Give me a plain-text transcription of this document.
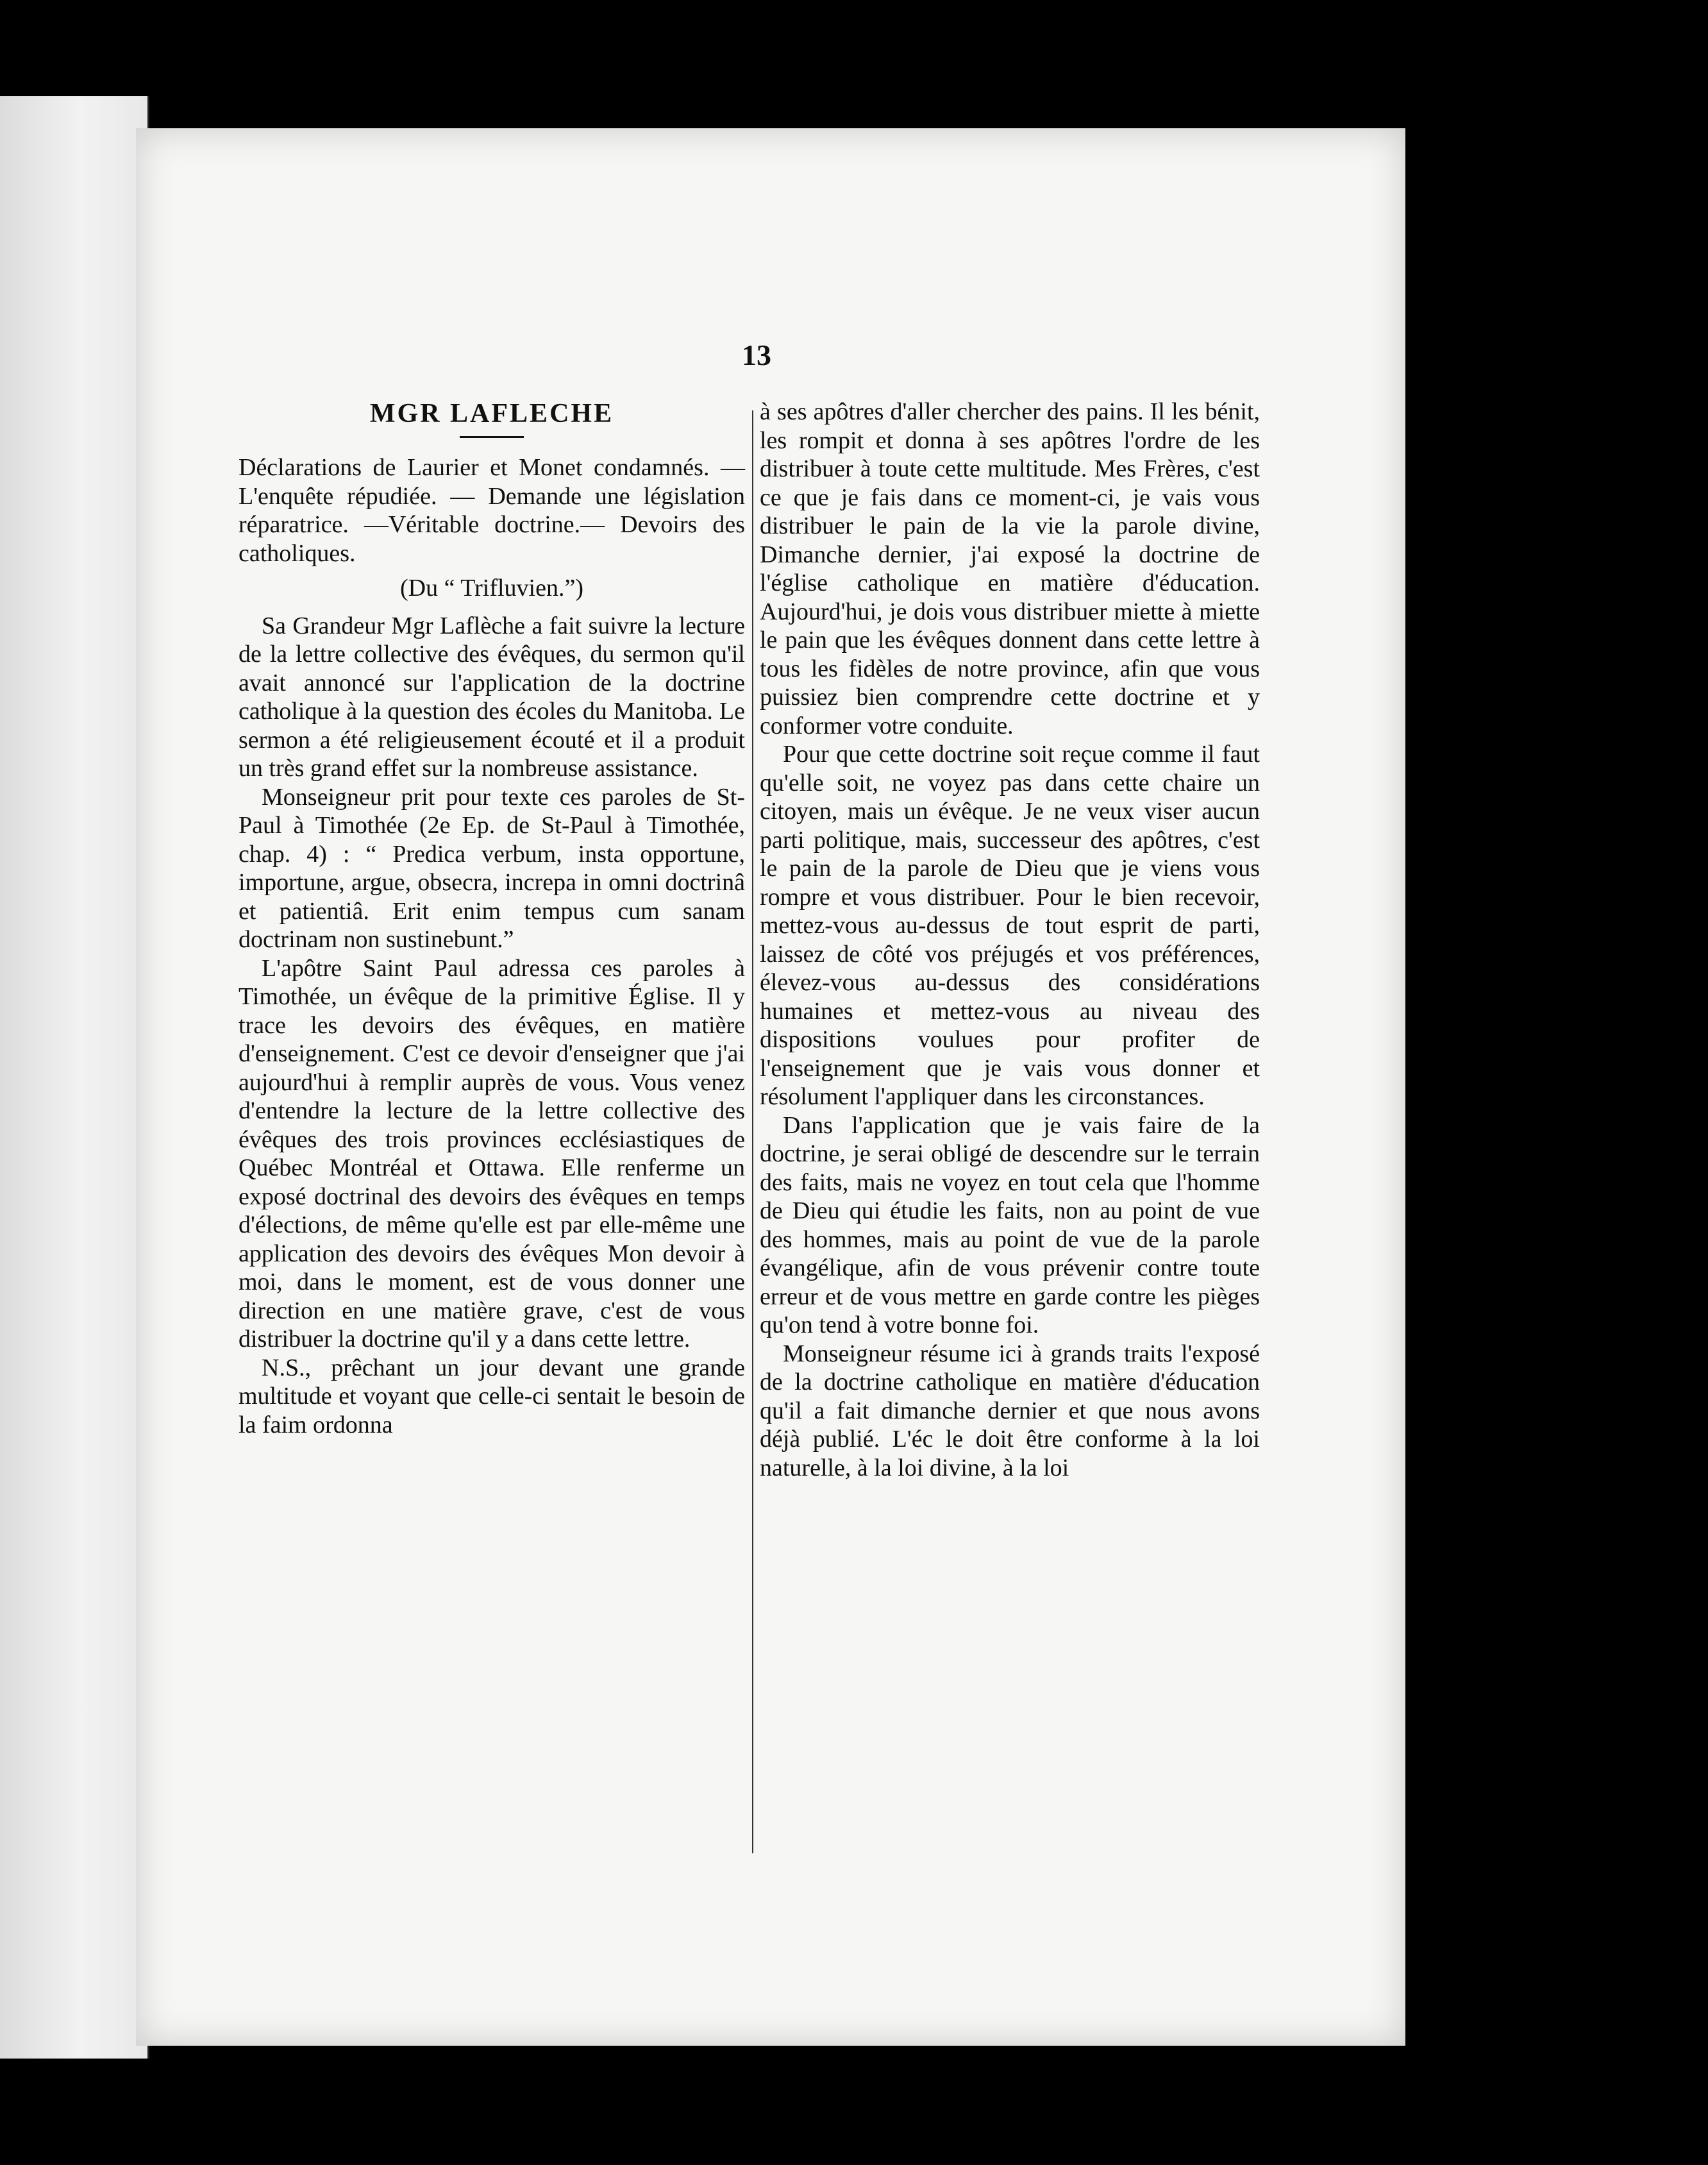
13
MGR LAFLECHE

Déclarations de Laurier et Monet condamnés. — L'enquête répudiée. — Demande une législation réparatrice. —Véritable doctrine.— Devoirs des catholiques.

(Du “ Trifluvien.”)

Sa Grandeur Mgr Laflèche a fait suivre la lecture de la lettre collective des évêques, du sermon qu'il avait annoncé sur l'application de la doctrine catholique à la question des écoles du Manitoba. Le sermon a été religieusement écouté et il a produit un très grand effet sur la nombreuse assistance.

Monseigneur prit pour texte ces paroles de St-Paul à Timothée (2e Ep. de St-Paul à Timothée, chap. 4) : “ Predica verbum, insta opportune, importune, argue, obsecra, increpa in omni doctrinâ et patientiâ. Erit enim tempus cum sanam doctrinam non sustinebunt.”

L'apôtre Saint Paul adressa ces paroles à Timothée, un évêque de la primitive Église. Il y trace les devoirs des évêques, en matière d'enseignement. C'est ce devoir d'enseigner que j'ai aujourd'hui à remplir auprès de vous. Vous venez d'entendre la lecture de la lettre collective des évêques des trois provinces ecclésiastiques de Québec Montréal et Ottawa. Elle renferme un exposé doctrinal des devoirs des évêques en temps d'élections, de même qu'elle est par elle-même une application des devoirs des évêques Mon devoir à moi, dans le moment, est de vous donner une direction en une matière grave, c'est de vous distribuer la doctrine qu'il y a dans cette lettre.

N.S., prêchant un jour devant une grande multitude et voyant que celle-ci sentait le besoin de la faim ordonna

à ses apôtres d'aller chercher des pains. Il les bénit, les rompit et donna à ses apôtres l'ordre de les distribuer à toute cette multitude. Mes Frères, c'est ce que je fais dans ce moment-ci, je vais vous distribuer le pain de la vie la parole divine, Dimanche dernier, j'ai exposé la doctrine de l'église catholique en matière d'éducation. Aujourd'hui, je dois vous distribuer miette à miette le pain que les évêques donnent dans cette lettre à tous les fidèles de notre province, afin que vous puissiez bien comprendre cette doctrine et y conformer votre conduite.

Pour que cette doctrine soit reçue comme il faut qu'elle soit, ne voyez pas dans cette chaire un citoyen, mais un évêque. Je ne veux viser aucun parti politique, mais, successeur des apôtres, c'est le pain de la parole de Dieu que je viens vous rompre et vous distribuer. Pour le bien recevoir, mettez-vous au-dessus de tout esprit de parti, laissez de côté vos préjugés et vos préférences, élevez-vous au-dessus des considérations humaines et mettez-vous au niveau des dispositions voulues pour profiter de l'enseignement que je vais vous donner et résolument l'appliquer dans les circonstances.

Dans l'application que je vais faire de la doctrine, je serai obligé de descendre sur le terrain des faits, mais ne voyez en tout cela que l'homme de Dieu qui étudie les faits, non au point de vue des hommes, mais au point de vue de la parole évangélique, afin de vous prévenir contre toute erreur et de vous mettre en garde contre les pièges qu'on tend à votre bonne foi.

Monseigneur résume ici à grands traits l'exposé de la doctrine catholique en matière d'éducation qu'il a fait dimanche dernier et que nous avons déjà publié. L'éc le doit être conforme à la loi naturelle, à la loi divine, à la loi
